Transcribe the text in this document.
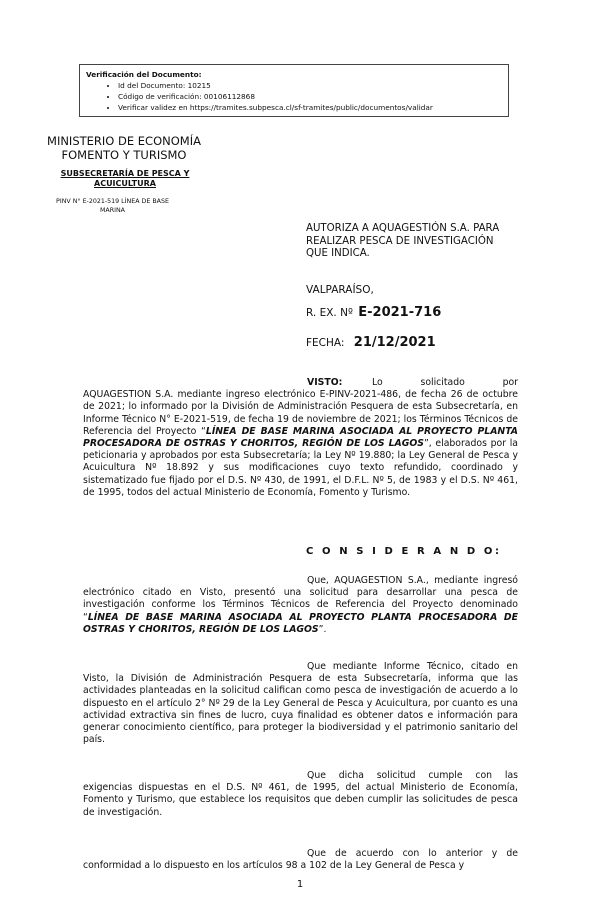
Verificación del Documento:
• Id del Documento: 10215
• Código de verificación: 00106112868
• Verificar validez en https://tramites.subpesca.cl/sf-tramites/public/documentos/validar
MINISTERIO DE ECONOMÍA
FOMENTO Y TURISMO
SUBSECRETARÍA DE PESCA Y
ACUICULTURA
PINV N° E-2021-519 LÍNEA DE BASE
MARINA
AUTORIZA A AQUAGESTIÓN S.A. PARA
REALIZAR PESCA DE INVESTIGACIÓN
QUE INDICA.
VALPARAÍSO,
R. EX. Nº E-2021-716
FECHA: 21/12/2021
VISTO:	Lo solicitado por AQUAGESTION S.A. mediante ingreso electrónico E-PINV-2021-486, de fecha 26 de octubre de 2021; lo informado por la División de Administración Pesquera de esta Subsecretaría, en Informe Técnico N° E-2021-519, de fecha 19 de noviembre de 2021; los Términos Técnicos de Referencia del Proyecto “LÍNEA DE BASE MARINA ASOCIADA AL PROYECTO PLANTA PROCESADORA DE OSTRAS Y CHORITOS, REGIÓN DE LOS LAGOS”, elaborados por la peticionaria y aprobados por esta Subsecretaría; la Ley Nº 19.880; la Ley General de Pesca y Acuicultura Nº 18.892 y sus modificaciones cuyo texto refundido, coordinado y sistematizado fue fijado por el D.S. Nº 430, de 1991, el D.F.L. Nº 5, de 1983 y el D.S. Nº 461, de 1995, todos del actual Ministerio de Economía, Fomento y Turismo.
C O N S I D E R A N D O:
Que, AQUAGESTION S.A., mediante ingresó electrónico citado en Visto, presentó una solicitud para desarrollar una pesca de investigación conforme los Términos Técnicos de Referencia del Proyecto denominado “LÍNEA DE BASE MARINA ASOCIADA AL PROYECTO PLANTA PROCESADORA DE OSTRAS Y CHORITOS, REGIÓN DE LOS LAGOS”.
Que mediante Informe Técnico, citado en Visto, la División de Administración Pesquera de esta Subsecretaría, informa que las actividades planteadas en la solicitud califican como pesca de investigación de acuerdo a lo dispuesto en el artículo 2° Nº 29 de la Ley General de Pesca y Acuicultura, por cuanto es una actividad extractiva sin fines de lucro, cuya finalidad es obtener datos e información para generar conocimiento científico, para proteger la biodiversidad y el patrimonio sanitario del país.
Que dicha solicitud cumple con las exigencias dispuestas en el D.S. Nº 461, de 1995, del actual Ministerio de Economía, Fomento y Turismo, que establece los requisitos que deben cumplir las solicitudes de pesca de investigación.
Que de acuerdo con lo anterior y de conformidad a lo dispuesto en los artículos 98 a 102 de la Ley General de Pesca y
1
